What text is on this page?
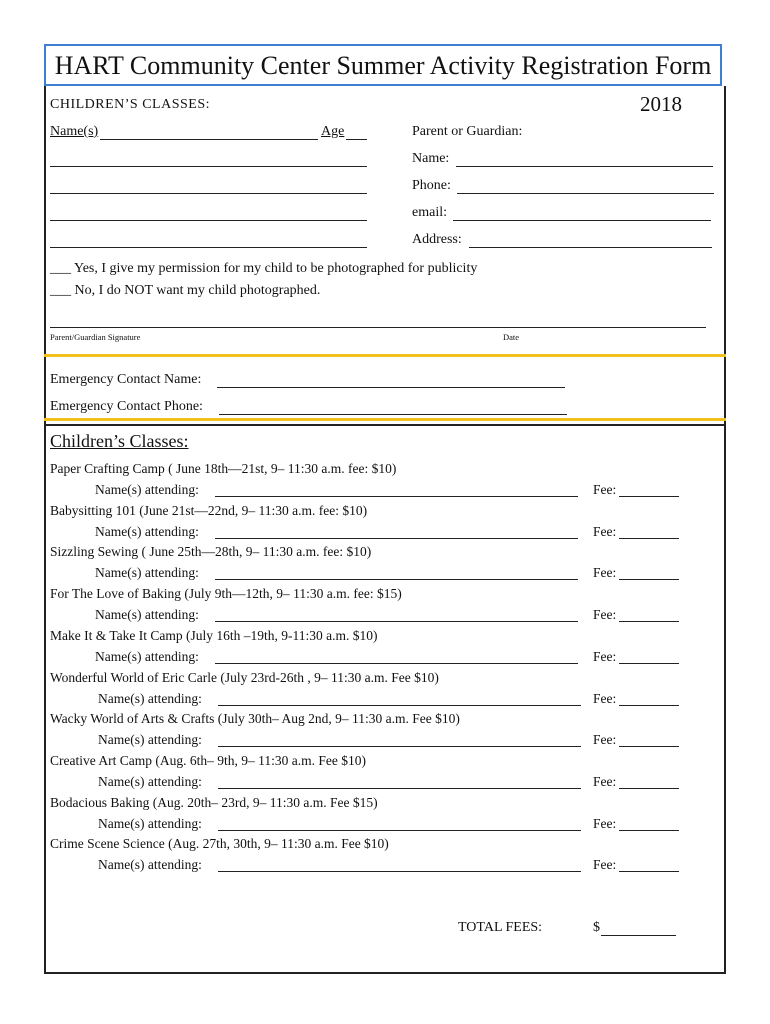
HART Community Center Summer Activity Registration Form
CHILDREN’S CLASSES:	2018
Name(s)	Age	Parent or Guardian:
Name:
Phone:
email:
Address:
___ Yes, I give my permission for my child to be photographed for publicity
___ No, I do NOT want my child photographed.
Parent/Guardian Signature	Date
Emergency Contact Name:
Emergency Contact Phone:
Children’s Classes:
Paper Crafting Camp ( June 18th—21st, 9– 11:30 a.m. fee: $10)
Name(s) attending:	Fee:
Babysitting 101 (June 21st—22nd, 9– 11:30 a.m. fee: $10)
Name(s) attending:	Fee:
Sizzling Sewing ( June 25th—28th, 9– 11:30 a.m. fee: $10)
Name(s) attending:	Fee:
For The Love of Baking (July 9th—12th, 9– 11:30 a.m. fee: $15)
Name(s) attending:	Fee:
Make It & Take It Camp (July 16th –19th, 9-11:30 a.m. $10)
Name(s) attending:	Fee:
Wonderful World of Eric Carle (July 23rd-26th , 9– 11:30 a.m. Fee $10)
Name(s) attending:	Fee:
Wacky World of Arts & Crafts (July 30th– Aug 2nd, 9– 11:30 a.m. Fee $10)
Name(s) attending:	Fee:
Creative Art Camp (Aug. 6th– 9th, 9– 11:30 a.m. Fee $10)
Name(s) attending:	Fee:
Bodacious Baking (Aug. 20th– 23rd, 9– 11:30 a.m. Fee $15)
Name(s) attending:	Fee:
Crime Scene Science (Aug. 27th, 30th, 9– 11:30 a.m. Fee $10)
Name(s) attending:	Fee:
TOTAL FEES:	$
